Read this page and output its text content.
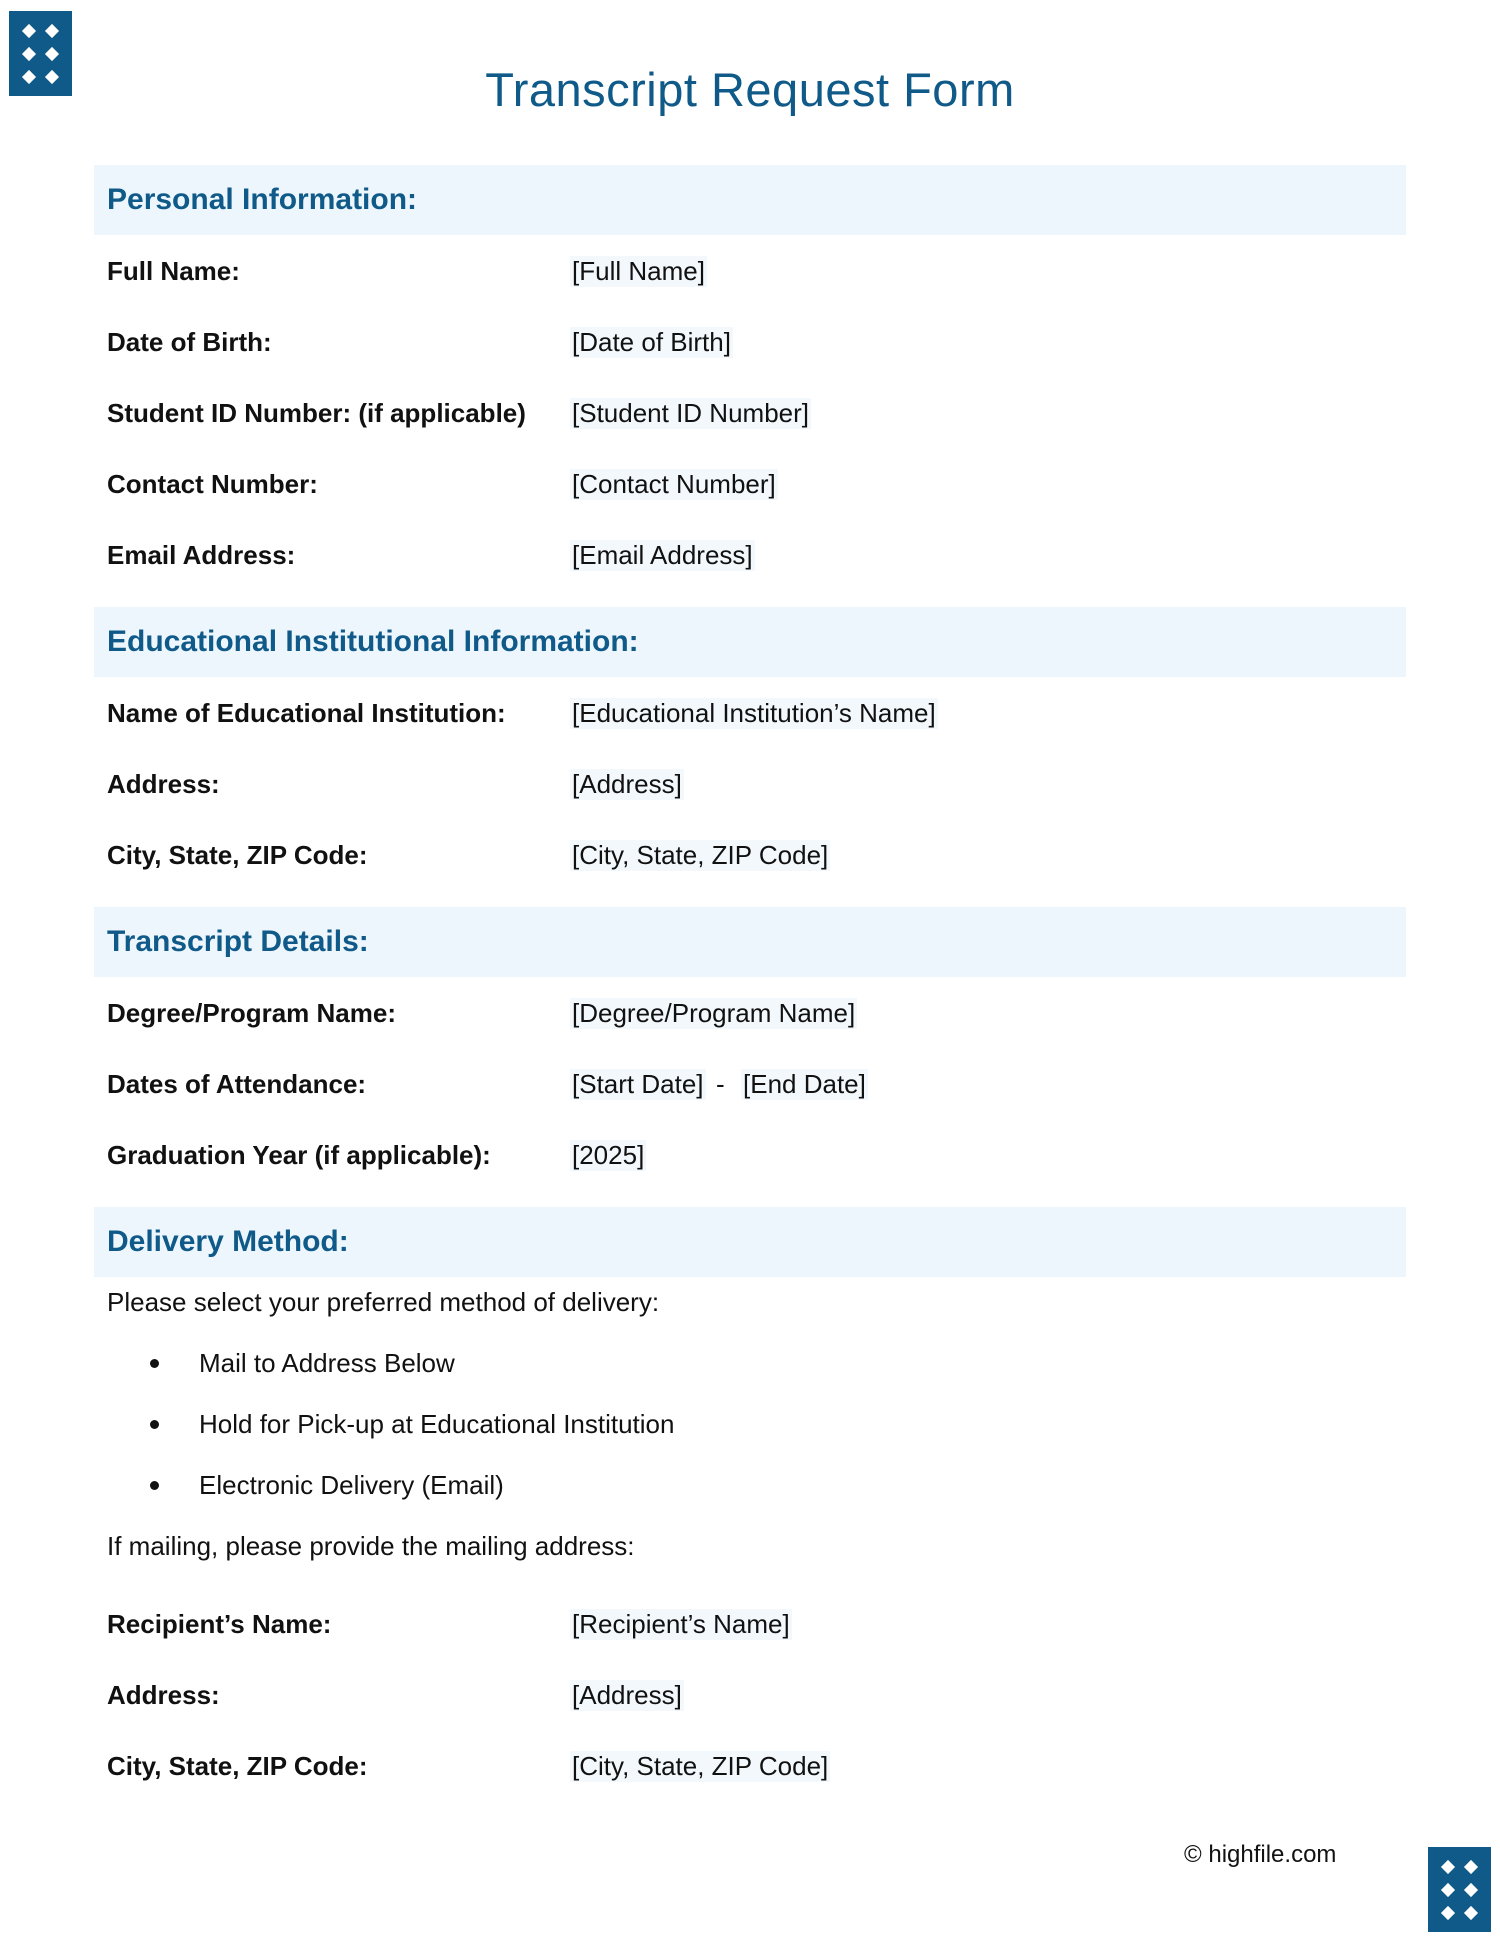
Transcript Request Form
Personal Information:
Full Name:	[Full Name]
Date of Birth:	[Date of Birth]
Student ID Number: (if applicable) [Student ID Number]
Contact Number:	[Contact Number]
Email Address:	[Email Address]
Educational Institutional Information:
Name of Educational Institution:	[Educational Institution’s Name]
Address:	[Address]
City, State, ZIP Code:	[City, State, ZIP Code]
Transcript Details:
Degree/Program Name:	[Degree/Program Name]
Dates of Attendance:	[Start Date] - [End Date]
Graduation Year (if applicable):	[2025]
Delivery Method:
Please select your preferred method of delivery:
Mail to Address Below
Hold for Pick-up at Educational Institution
Electronic Delivery (Email)
If mailing, please provide the mailing address:
Recipient’s Name:	[Recipient’s Name]
Address:	[Address]
City, State, ZIP Code:	[City, State, ZIP Code]
© highfile.com
